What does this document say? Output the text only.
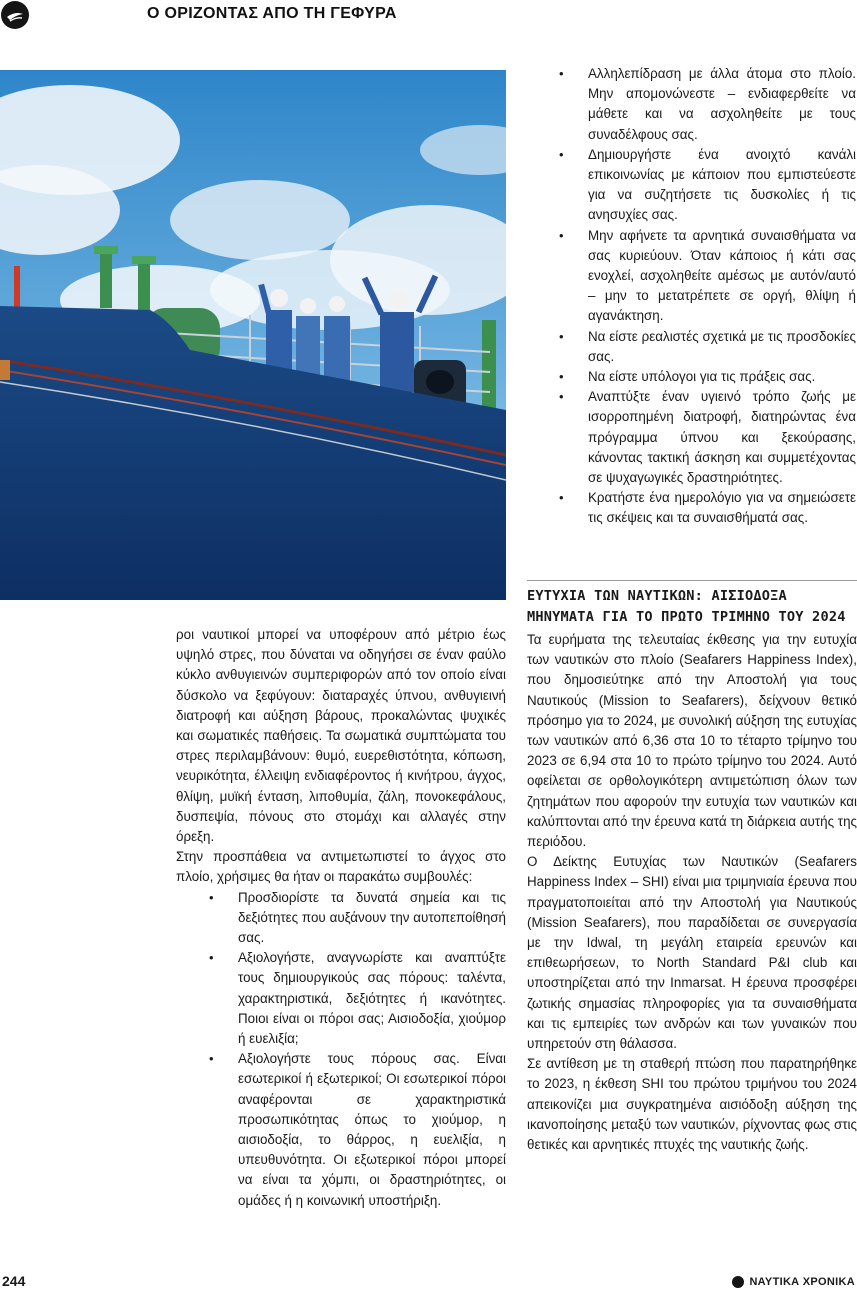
Ο ΟΡΙΖΟΝΤΑΣ ΑΠΟ ΤΗ ΓΕΦΥΡΑ
• Αλληλεπίδραση με άλλα άτομα στο πλοίο. Μην απομονώνεστε – ενδιαφερθείτε να μάθετε και να ασχοληθείτε με τους συναδέλφους σας.
• Δημιουργήστε ένα ανοιχτό κανάλι επικοινωνίας με κάποιον που εμπιστεύεστε για να συζητήσετε τις δυσκολίες ή τις ανησυχίες σας.
• Μην αφήνετε τα αρνητικά συναισθήματα να σας κυριεύουν. Όταν κάποιος ή κάτι σας ενοχλεί, ασχοληθείτε αμέσως με αυτόν/αυτό – μην το μετατρέπετε σε οργή, θλίψη ή αγανάκτηση.
• Να είστε ρεαλιστές σχετικά με τις προσδοκίες σας.
• Να είστε υπόλογοι για τις πράξεις σας.
• Αναπτύξτε έναν υγιεινό τρόπο ζωής με ισορροπημένη διατροφή, διατηρώντας ένα πρόγραμμα ύπνου και ξεκούρασης, κάνοντας τακτική άσκηση και συμμετέχοντας σε ψυχαγωγικές δραστηριότητες.
• Κρατήστε ένα ημερολόγιο για να σημειώσετε τις σκέψεις και τα συναισθήματά σας.
ΕΥΤΥΧΙΑ ΤΩΝ ΝΑΥΤΙΚΩΝ: ΑΙΣΙΟΔΟΞΑ ΜΗΝΥΜΑΤΑ ΓΙΑ ΤΟ ΠΡΩΤΟ ΤΡΙΜΗΝΟ ΤΟΥ 2024

Τα ευρήματα της τελευταίας έκθεσης για την ευτυχία των ναυτικών στο πλοίο (Seafarers Happiness Index), που δημοσιεύτηκε από την Αποστολή για τους Ναυτικούς (Mission to Seafarers), δείχνουν θετικό πρόσημο για το 2024, με συνολική αύξηση της ευτυχίας των ναυτικών από 6,36 στα 10 το τέταρτο τρίμηνο του 2023 σε 6,94 στα 10 το πρώτο τρίμηνο του 2024. Αυτό οφείλεται σε ορθολογικότερη αντιμετώπιση όλων των ζητημάτων που αφορούν την ευτυχία των ναυτικών και καλύπτονται από την έρευνα κατά τη διάρκεια αυτής της περιόδου.

Ο Δείκτης Ευτυχίας των Ναυτικών (Seafarers Happiness Index – SHI) είναι μια τριμηνιαία έρευνα που πραγματοποιείται από την Αποστολή για Ναυτικούς (Mission Seafarers), που παραδίδεται σε συνεργασία με την Idwal, τη μεγάλη εταιρεία ερευνών και επιθεωρήσεων, το North Standard P&I club και υποστηρίζεται από την Inmarsat. Η έρευνα προσφέρει ζωτικής σημασίας πληροφορίες για τα συναισθήματα και τις εμπειρίες των ανδρών και των γυναικών που υπηρετούν στη θάλασσα.

Σε αντίθεση με τη σταθερή πτώση που παρατηρήθηκε το 2023, η έκθεση SHI του πρώτου τριμήνου του 2024 απεικονίζει μια συγκρατημένα αισιόδοξη αύξηση της ικανοποίησης μεταξύ των ναυτικών, ρίχνοντας φως στις θετικές και αρνητικές πτυχές της ναυτικής ζωής.

ροι ναυτικοί μπορεί να υποφέρουν από μέτριο έως υψηλό στρες, που δύναται να οδηγήσει σε έναν φαύλο κύκλο ανθυγιεινών συμπεριφορών από τον οποίο είναι δύσκολο να ξεφύγουν: διαταραχές ύπνου, ανθυγιεινή διατροφή και αύξηση βάρους, προκαλώντας ψυχικές και σωματικές παθήσεις. Τα σωματικά συμπτώματα του στρες περιλαμβάνουν: θυμό, ευερεθιστότητα, κόπωση, νευρικότητα, έλλειψη ενδιαφέροντος ή κινήτρου, άγχος, θλίψη, μυϊκή ένταση, λιποθυμία, ζάλη, πονοκεφάλους, δυσπεψία, πόνους στο στομάχι και αλλαγές στην όρεξη.

Στην προσπάθεια να αντιμετωπιστεί το άγχος στο πλοίο, χρήσιμες θα ήταν οι παρακάτω συμβουλές:

• Προσδιορίστε τα δυνατά σημεία και τις δεξιότητες που αυξάνουν την αυτοπεποίθησή σας.
• Αξιολογήστε, αναγνωρίστε και αναπτύξτε τους δημιουργικούς σας πόρους: ταλέντα, χαρακτηριστικά, δεξιότητες ή ικανότητες. Ποιοι είναι οι πόροι σας; Αισιοδοξία, χιούμορ ή ευελιξία;
• Αξιολογήστε τους πόρους σας. Είναι εσωτερικοί ή εξωτερικοί; Οι εσωτερικοί πόροι αναφέρονται σε χαρακτηριστικά προσωπικότητας όπως το χιούμορ, η αισιοδοξία, το θάρρος, η ευελιξία, η υπευθυνότητα. Οι εξωτερικοί πόροι μπορεί να είναι τα χόμπι, οι δραστηριότητες, οι ομάδες ή η κοινωνική υποστήριξη.
244	ΝΑΥΤΙΚΑ ΧΡΟΝΙΚΑ
